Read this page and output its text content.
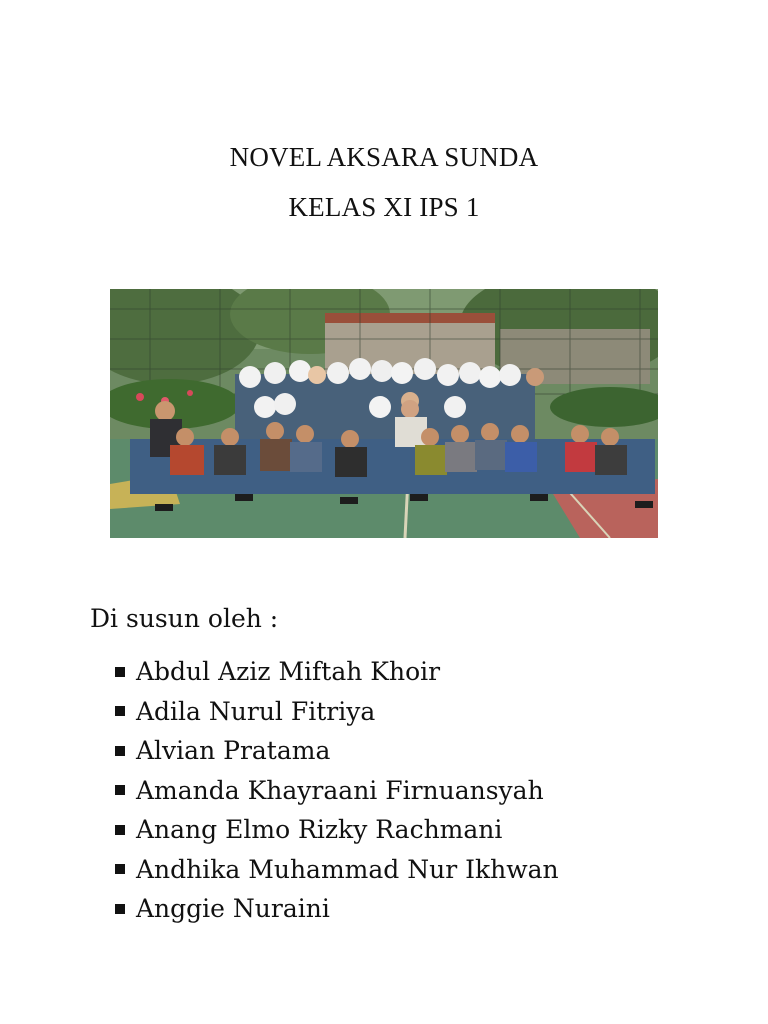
NOVEL AKSARA SUNDA
KELAS XI IPS 1
Di susun oleh :
Abdul Aziz Miftah Khoir
Adila Nurul Fitriya
Alvian Pratama
Amanda Khayraani Firnuansyah
Anang Elmo Rizky Rachmani
Andhika Muhammad Nur Ikhwan
Anggie Nuraini
